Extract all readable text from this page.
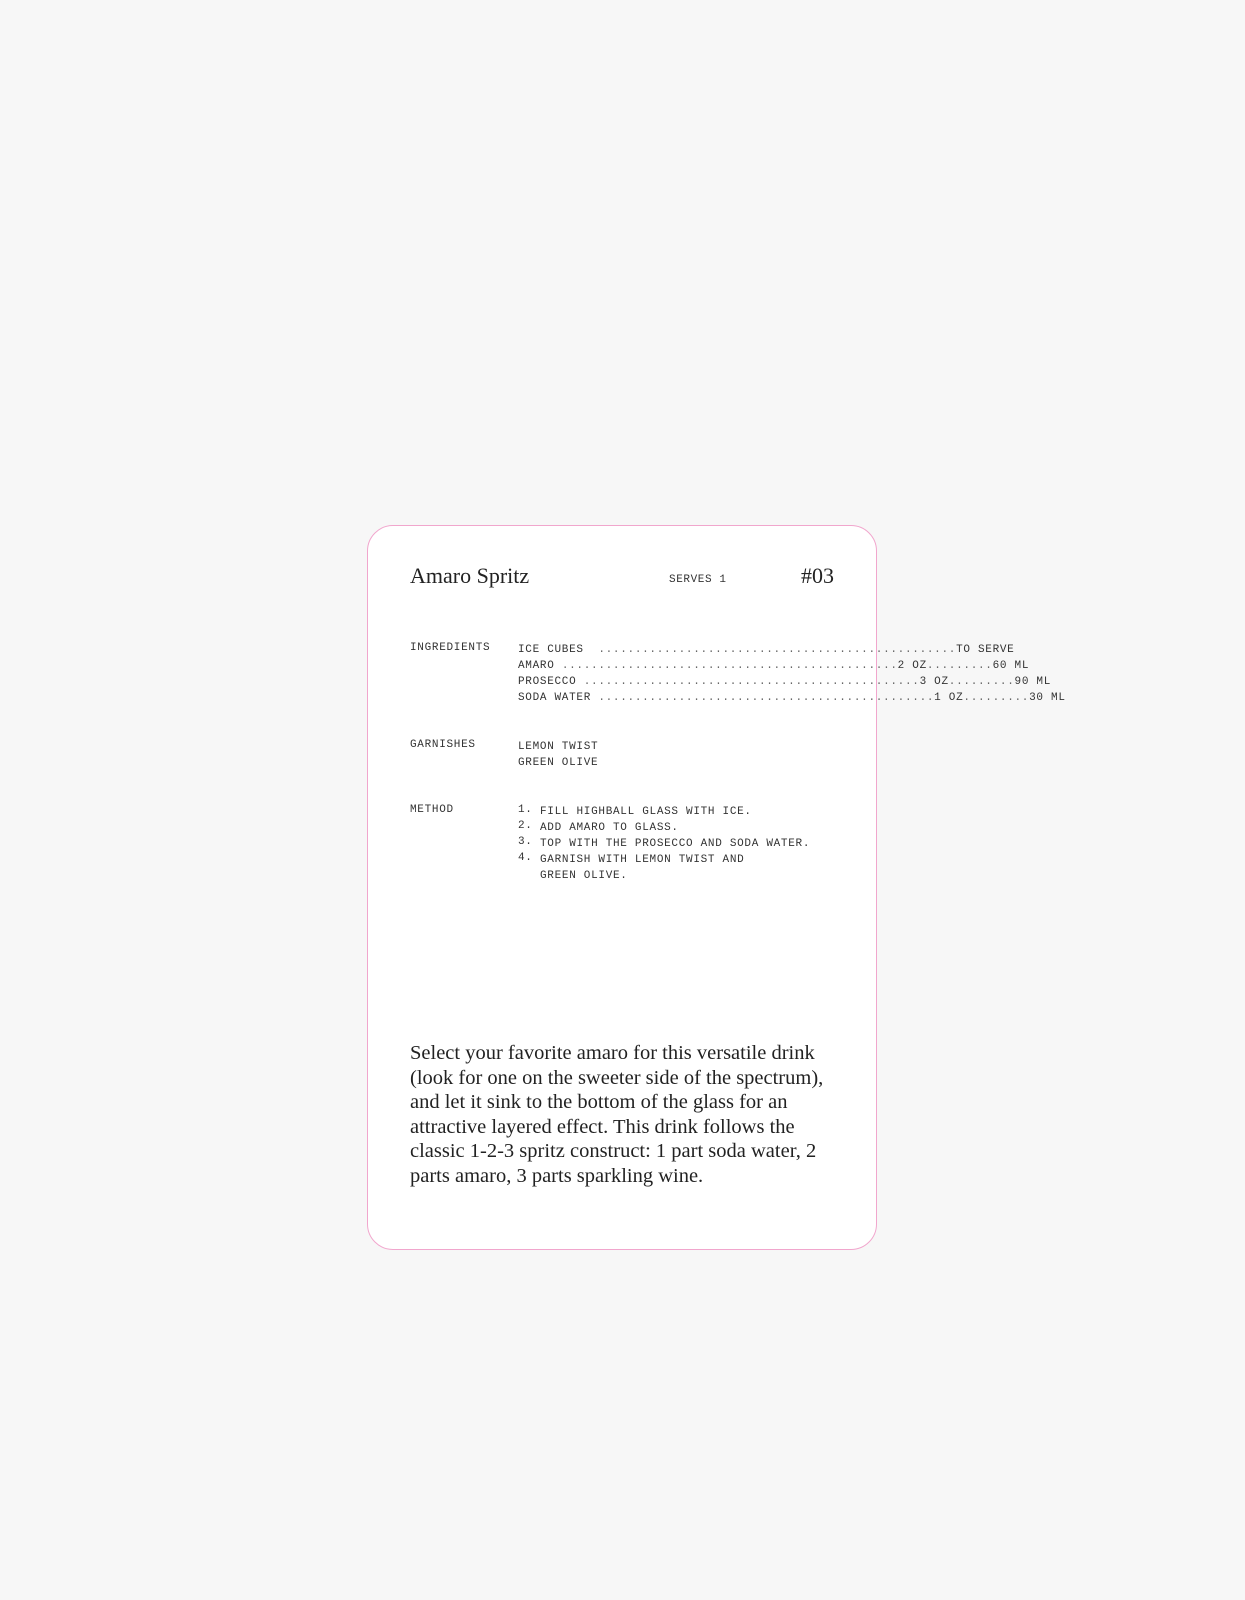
Amaro Spritz	SERVES 1	#03
INGREDIENTS	ICE CUBES ................................................. TO SERVE
AMARO .............................................. 2 OZ ......... 60 ML
PROSECCO .............................................. 3 OZ ......... 90 ML
SODA WATER .............................................. 1 OZ ......... 30 ML
GARNISHES	LEMON TWIST
GREEN OLIVE
METHOD	1. FILL HIGHBALL GLASS WITH ICE.
2. ADD AMARO TO GLASS.
3. TOP WITH THE PROSECCO AND SODA WATER.
4. GARNISH WITH LEMON TWIST AND
GREEN OLIVE.
Select your favorite amaro for this versatile drink (look for one on the sweeter side of the spectrum), and let it sink to the bottom of the glass for an attractive layered effect. This drink follows the classic 1-2-3 spritz construct: 1 part soda water, 2 parts amaro, 3 parts sparkling wine.
